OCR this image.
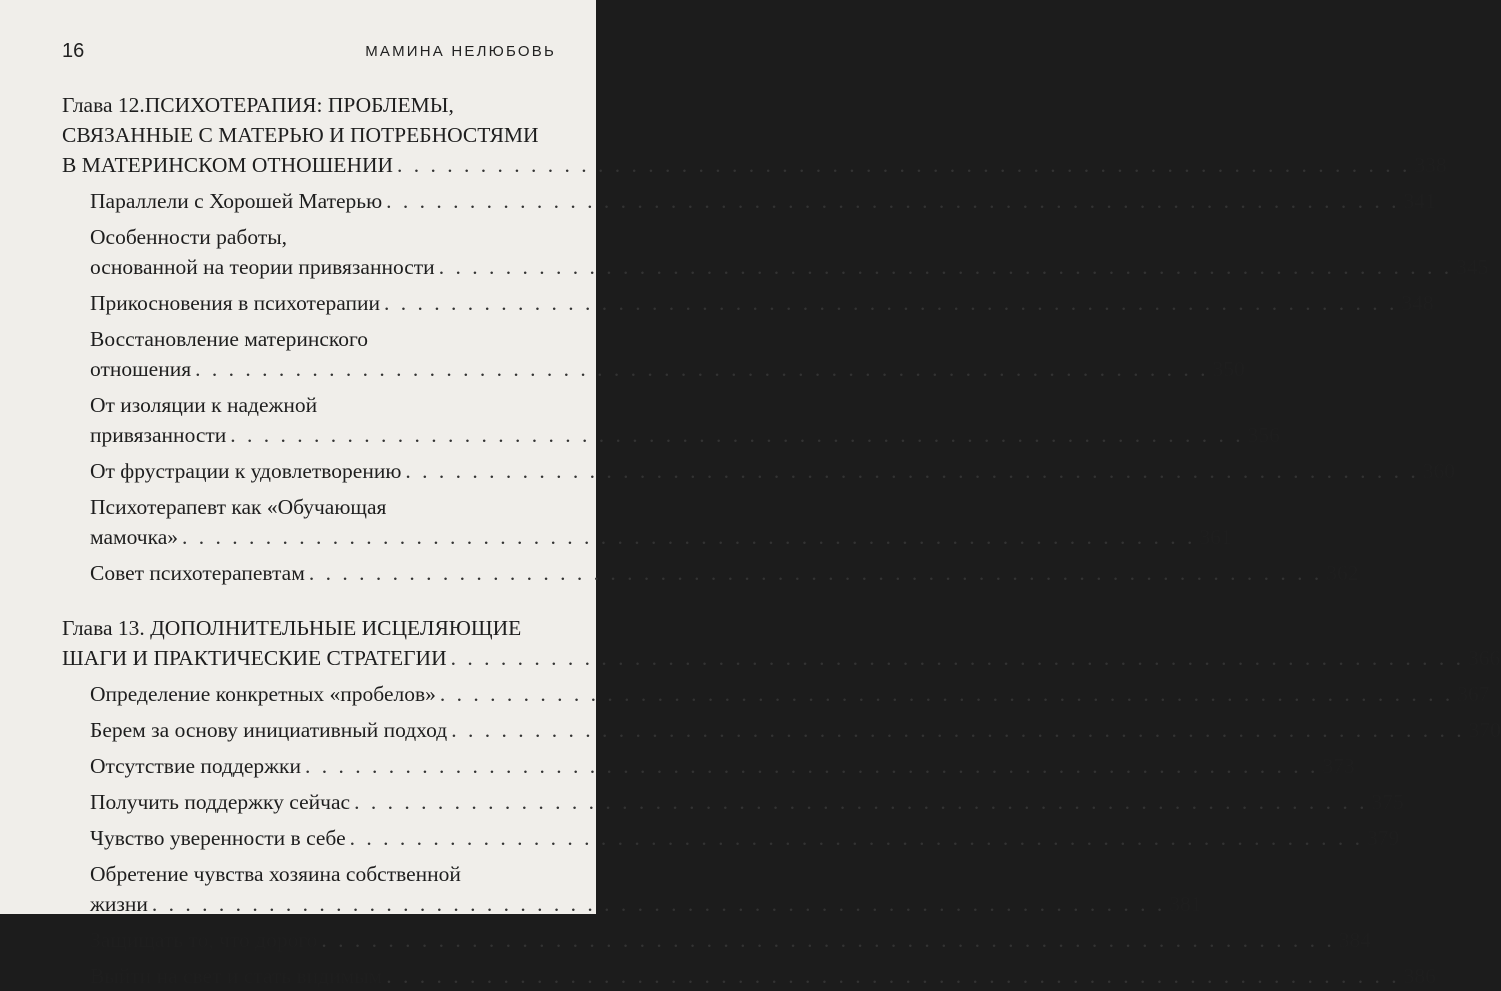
16	МАМИНА НЕЛЮБОВЬ
Глава 12.ПСИХОТЕРАПИЯ: ПРОБЛЕМЫ,
СВЯЗАННЫЕ С МАТЕРЬЮ И ПОТРЕБНОСТЯМИ
В МАТЕРИНСКОМ ОТНОШЕНИИ . . .	338
Параллели с Хорошей Матерью . . .	341
Особенности работы,
основанной на теории привязанности . . .	345
Прикосновения в психотерапии . . .	348
Восстановление материнского
отношения . . .	350
От изоляции к надежной
привязанности . . .	356
От фрустрации к удовлетворению . . .	360
Психотерапевт как «Обучающая
мамочка» . . .	361
Совет психотерапевтам . . .	362
Глава 13. ДОПОЛНИТЕЛЬНЫЕ ИСЦЕЛЯЮЩИЕ
ШАГИ И ПРАКТИЧЕСКИЕ СТРАТЕГИИ . . .	366
Определение конкретных «пробелов» . . .	367
Берем за основу инициативный подход . . .	370
Отсутствие поддержки . . .	373
Получить поддержку сейчас . . .	375
Чувство уверенности в себе . . .	379
Обретение чувства хозяина собственной
жизни . . .	381
Защищать то, что дорого . . .	384
Выйти на свет и стать видимым . . .	386
